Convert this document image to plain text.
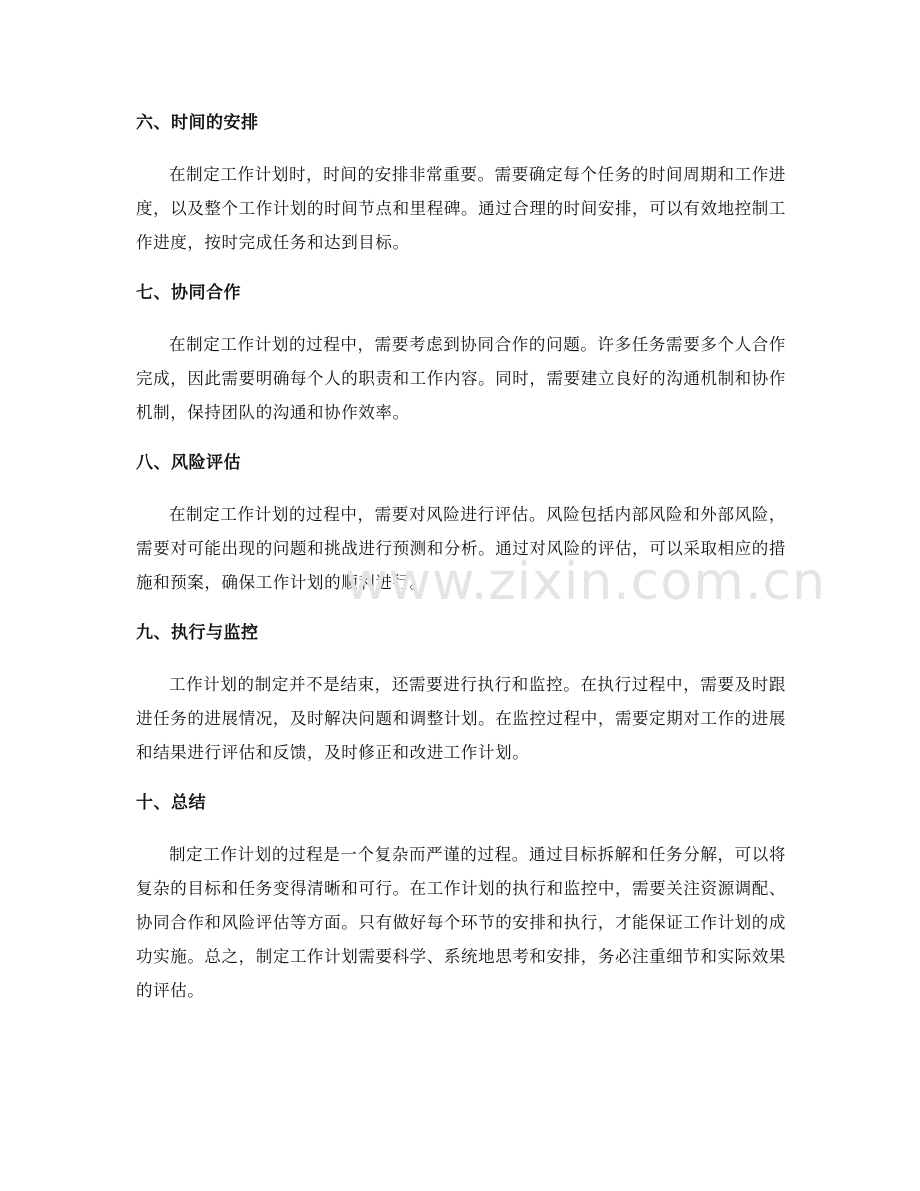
六、时间的安排

在制定工作计划时，时间的安排非常重要。需要确定每个任务的时间周期和工作进度，以及整个工作计划的时间节点和里程碑。通过合理的时间安排，可以有效地控制工作进度，按时完成任务和达到目标。

七、协同合作

在制定工作计划的过程中，需要考虑到协同合作的问题。许多任务需要多个人合作完成，因此需要明确每个人的职责和工作内容。同时，需要建立良好的沟通机制和协作机制，保持团队的沟通和协作效率。

八、风险评估

在制定工作计划的过程中，需要对风险进行评估。风险包括内部风险和外部风险，需要对可能出现的问题和挑战进行预测和分析。通过对风险的评估，可以采取相应的措施和预案，确保工作计划的顺利进行。

九、执行与监控

工作计划的制定并不是结束，还需要进行执行和监控。在执行过程中，需要及时跟进任务的进展情况，及时解决问题和调整计划。在监控过程中，需要定期对工作的进展和结果进行评估和反馈，及时修正和改进工作计划。

十、总结

制定工作计划的过程是一个复杂而严谨的过程。通过目标拆解和任务分解，可以将复杂的目标和任务变得清晰和可行。在工作计划的执行和监控中，需要关注资源调配、协同合作和风险评估等方面。只有做好每个环节的安排和执行，才能保证工作计划的成功实施。总之，制定工作计划需要科学、系统地思考和安排，务必注重细节和实际效果的评估。

www.zixin.com.cn
